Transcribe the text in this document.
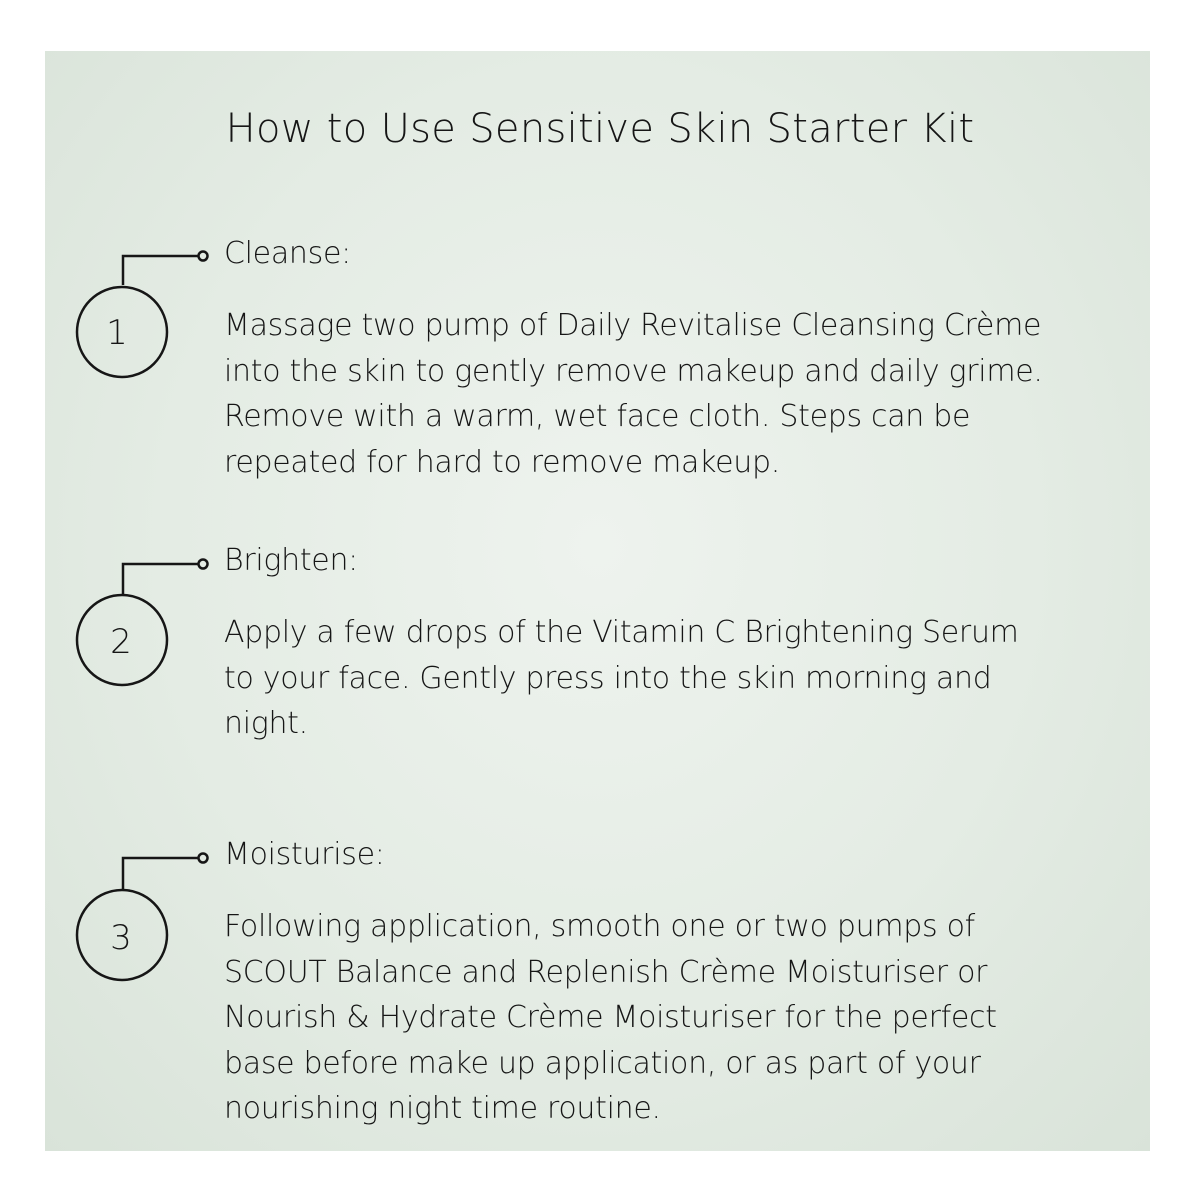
How to Use Sensitive Skin Starter Kit
1
Cleanse:
Massage two pump of Daily Revitalise Cleansing Crème into the skin to gently remove makeup and daily grime. Remove with a warm, wet face cloth. Steps can be repeated for hard to remove makeup.
2
Brighten:
Apply a few drops of the Vitamin C Brightening Serum to your face. Gently press into the skin morning and night.
3
Moisturise:
Following application, smooth one or two pumps of SCOUT Balance and Replenish Crème Moisturiser or Nourish & Hydrate Crème Moisturiser for the perfect base before make up application, or as part of your nourishing night time routine.
